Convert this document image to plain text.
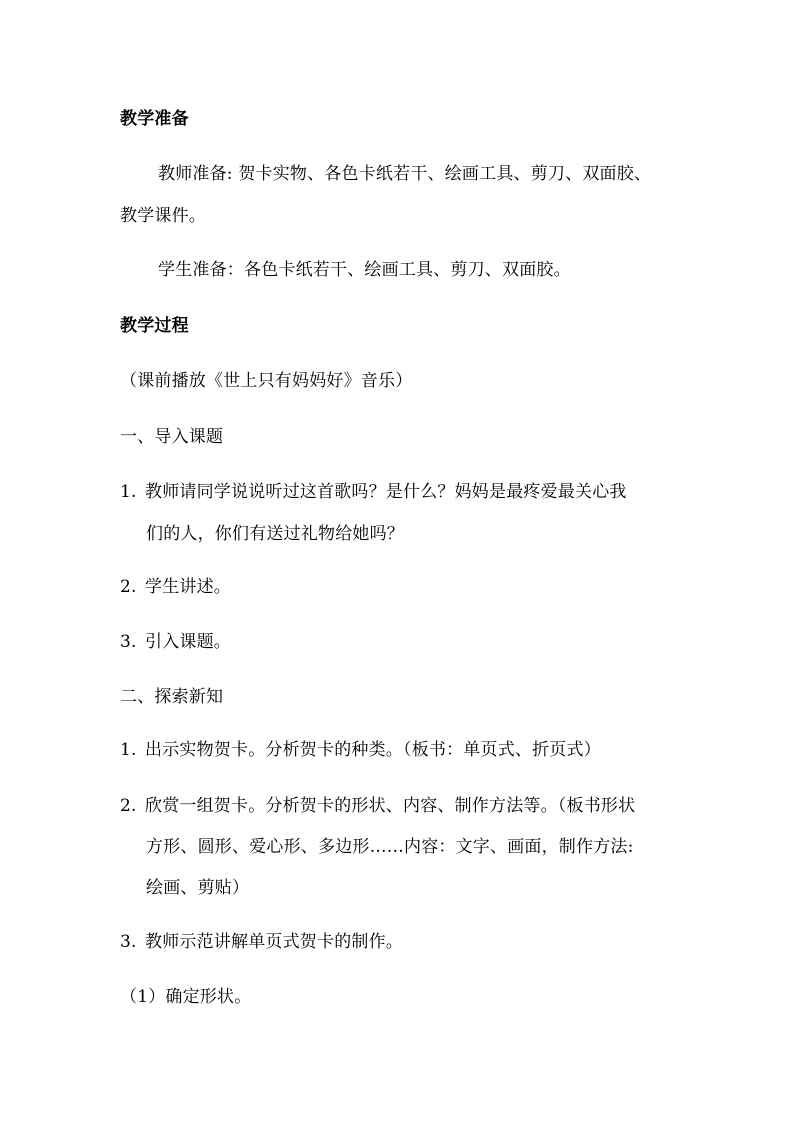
教学准备
教师准备: 贺卡实物、各色卡纸若干、绘画工具、剪刀、双面胶、
教学课件。
学生准备：各色卡纸若干、绘画工具、剪刀、双面胶。
教学过程
（课前播放《世上只有妈妈好》音乐）
一、导入课题
1. 教师请同学说说听过这首歌吗？是什么？妈妈是最疼爱最关心我
们的人，你们有送过礼物给她吗？
2. 学生讲述。
3. 引入课题。
二、探索新知
1. 出示实物贺卡。分析贺卡的种类。（板书：单页式、折页式）
2. 欣赏一组贺卡。分析贺卡的形状、内容、制作方法等。（板书形状
方形、圆形、爱心形、多边形……内容：文字、画面，制作方法:
绘画、剪贴）
3. 教师示范讲解单页式贺卡的制作。
（1）确定形状。
